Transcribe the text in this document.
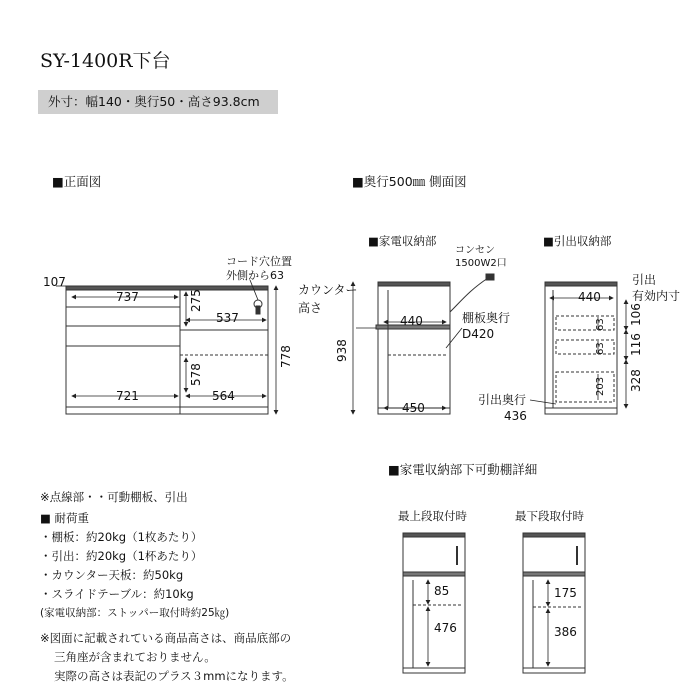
SY-1400R下台
外寸：幅140・奥行50・高さ93.8cm
■正面図	■奥行500㎜ 側面図
■家電収納部	■引出収納部
107
737
721
537
564
275
578
778
コード穴位置
外側から63
コンセン
1500W2口
カウンター
高さ
938
440	棚板奥行
D420
450
440
引出
有効内寸
63
63
203
106
116
328
引出奥行
436
85
476
175
386
■家電収納部下可動棚詳細
最上段取付時	最下段取付時
※点線部・・可動棚板、引出
■ 耐荷重
・棚板：約20kg（1枚あたり）
・引出：約20kg（1杯あたり）
・カウンター天板：約50kg
・スライドテーブル：約10kg
(家電収納部：ストッパー取付時約25㎏)
※図面に記載されている商品高さは、商品底部の
三角座が含まれておりません。
実際の高さは表記のプラス３mmになります。
